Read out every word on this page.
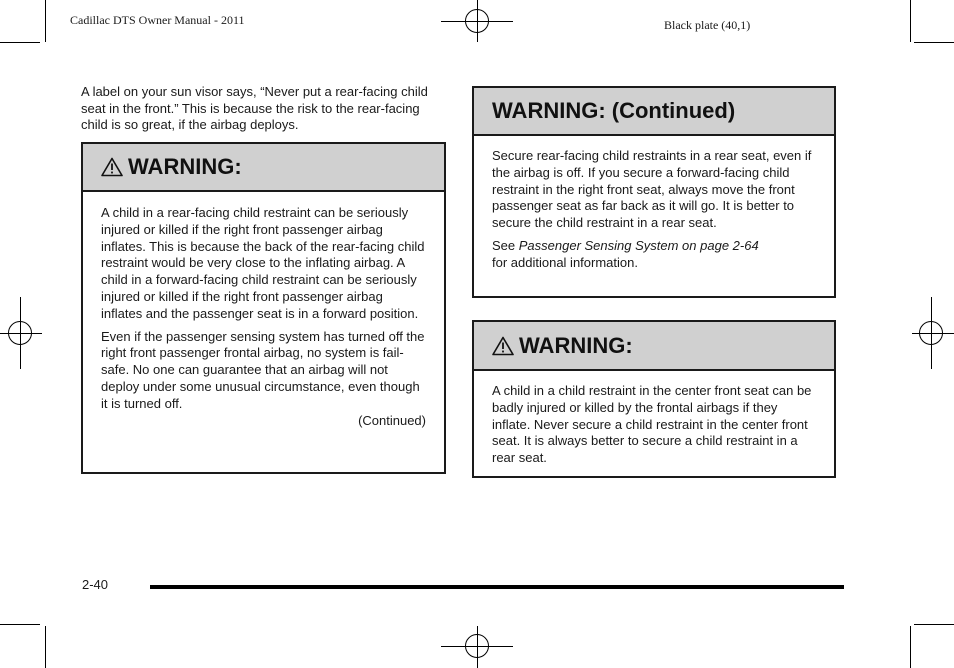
Cadillac DTS Owner Manual - 2011	Black plate (40,1)
A label on your sun visor says, “Never put a rear-facing child seat in the front.” This is because the risk to the rear-facing child is so great, if the airbag deploys.
WARNING:

A child in a rear-facing child restraint can be seriously injured or killed if the right front passenger airbag inflates. This is because the back of the rear-facing child restraint would be very close to the inflating airbag. A child in a forward-facing child restraint can be seriously injured or killed if the right front passenger airbag inflates and the passenger seat is in a forward position.

Even if the passenger sensing system has turned off the right front passenger frontal airbag, no system is fail-safe. No one can guarantee that an airbag will not deploy under some unusual circumstance, even though it is turned off.

(Continued)
WARNING: (Continued)

Secure rear-facing child restraints in a rear seat, even if the airbag is off. If you secure a forward-facing child restraint in the right front seat, always move the front passenger seat as far back as it will go. It is better to secure the child restraint in a rear seat.

See Passenger Sensing System on page 2-64
for additional information.

WARNING:

A child in a child restraint in the center front seat can be badly injured or killed by the frontal airbags if they inflate. Never secure a child restraint in the center front seat. It is always better to secure a child restraint in a rear seat.

2-40
